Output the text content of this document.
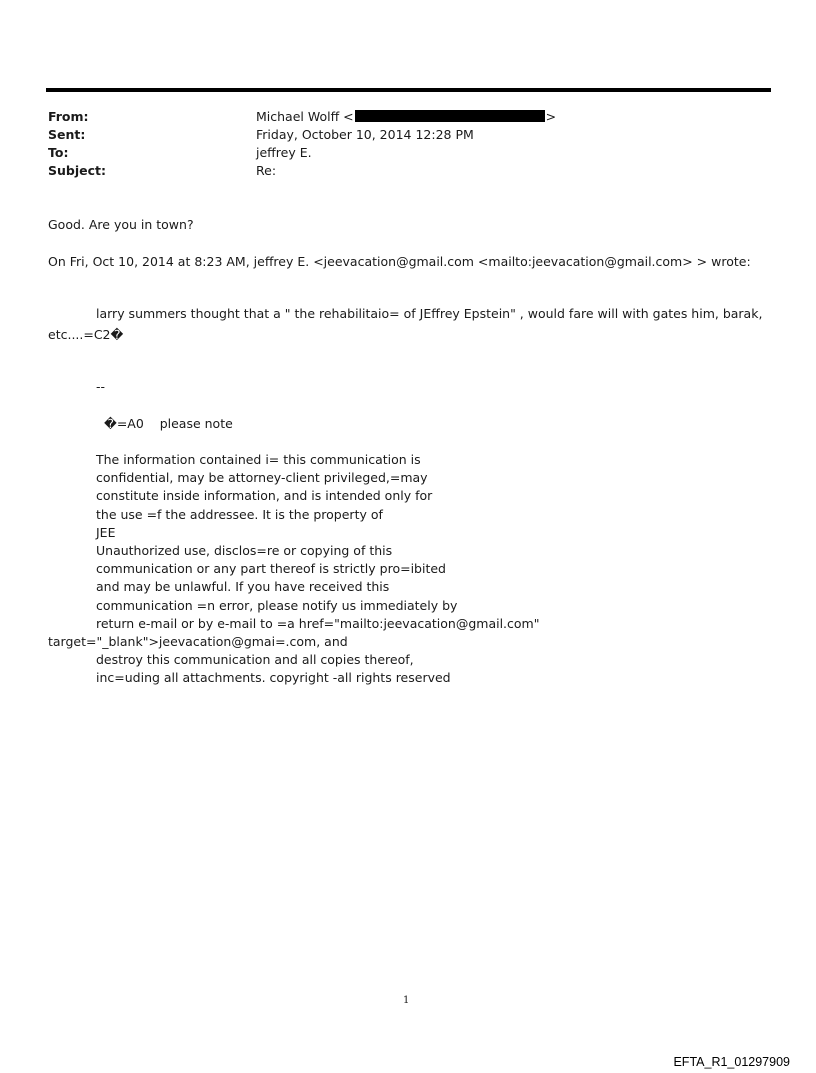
From:	Michael Wolff <	>
Sent:	Friday, October 10, 2014 12:28 PM
To:	jeffrey E.
Subject:	Re:
Good. Are you in town?
On Fri, Oct 10, 2014 at 8:23 AM, jeffrey E. <jeevacation@gmail.com <mailto:jeevacation@gmail.com> > wrote:
larry summers thought that a " the rehabilitaio= of JEffrey Epstein" , would fare will with gates him, barak,
etc....=C2�
--
�=A0    please note
The information contained i= this communication is
confidential, may be attorney-client privileged,=may
constitute inside information, and is intended only for
the use =f the addressee. It is the property of
JEE
Unauthorized use, disclos=re or copying of this
communication or any part thereof is strictly pro=ibited
and may be unlawful. If you have received this
communication =n error, please notify us immediately by
return e-mail or by e-mail to =a href="mailto:jeevacation@gmail.com"
target="_blank">jeevacation@gmai=.com, and
destroy this communication and all copies thereof,
inc=uding all attachments. copyright -all rights reserved
1
EFTA_R1_01297909
